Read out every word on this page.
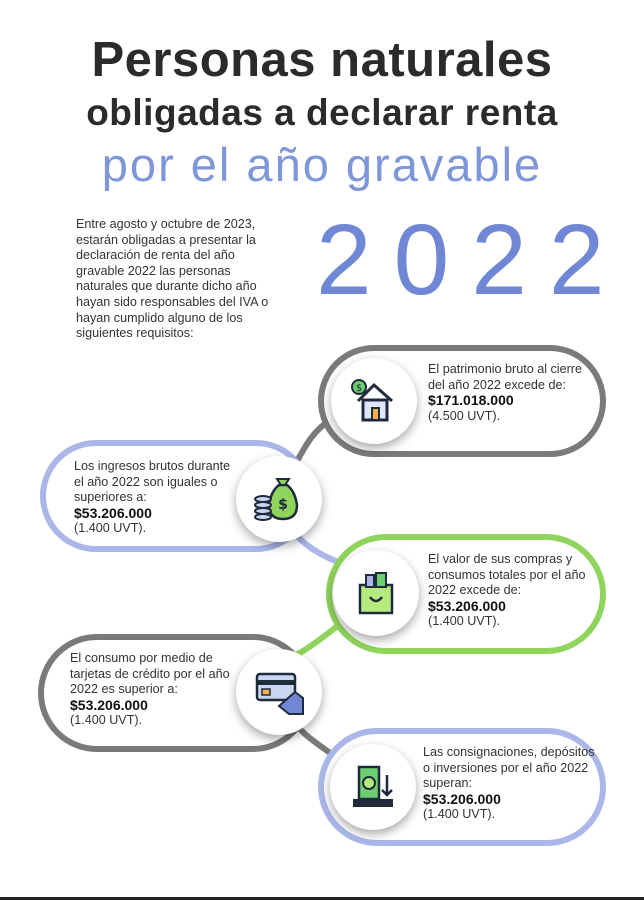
Personas naturales
obligadas a declarar renta
por el año gravable
Entre agosto y octubre de 2023, estarán obligadas a presentar la declaración de renta del año gravable 2022 las personas naturales que durante dicho año hayan sido responsables del IVA o hayan cumplido alguno de los siguientes requisitos:
2022
El patrimonio bruto al cierre del año 2022 excede de:
$171.018.000
(4.500 UVT).
$
Los ingresos brutos durante el año 2022 son iguales o superiores a:
$53.206.000
(1.400 UVT).
$
El valor de sus compras y consumos totales por el año 2022 excede de:
$53.206.000
(1.400 UVT).
El consumo por medio de tarjetas de crédito por el año 2022 es superior a:
$53.206.000
(1.400 UVT).
Las consignaciones, depósitos o inversiones por el año 2022 superan:
$53.206.000
(1.400 UVT).
